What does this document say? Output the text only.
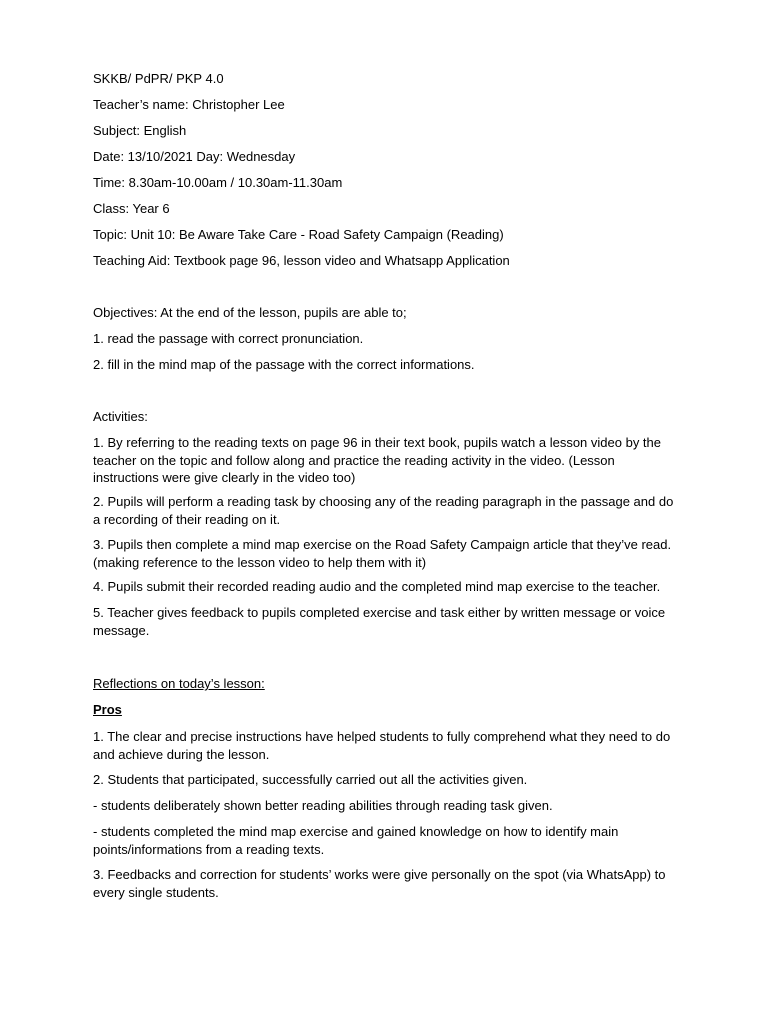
SKKB/ PdPR/ PKP 4.0

Teacher’s name: Christopher Lee

Subject: English

Date: 13/10/2021 Day: Wednesday

Time: 8.30am-10.00am / 10.30am-11.30am

Class: Year 6

Topic: Unit 10: Be Aware Take Care - Road Safety Campaign (Reading)

Teaching Aid: Textbook page 96, lesson video and Whatsapp Application

Objectives: At the end of the lesson, pupils are able to;

1. read the passage with correct pronunciation.

2. fill in the mind map of the passage with the correct informations.

Activities:

1. By referring to the reading texts on page 96 in their text book, pupils watch a lesson video by the teacher on the topic and follow along and practice the reading activity in the video. (Lesson instructions were give clearly in the video too)

2. Pupils will perform a reading task by choosing any of the reading paragraph in the passage and do a recording of their reading on it.

3. Pupils then complete a mind map exercise on the Road Safety Campaign article that they’ve read. (making reference to the lesson video to help them with it)

4. Pupils submit their recorded reading audio and the completed mind map exercise to the teacher.

5. Teacher gives feedback to pupils completed exercise and task either by written message or voice message.

Reflections on today’s lesson:

Pros

1. The clear and precise instructions have helped students to fully comprehend what they need to do and achieve during the lesson.

2. Students that participated, successfully carried out all the activities given.

- students deliberately shown better reading abilities through reading task given.

- students completed the mind map exercise and gained knowledge on how to identify main points/informations from a reading texts.

3. Feedbacks and correction for students’ works were give personally on the spot (via WhatsApp) to every single students.
